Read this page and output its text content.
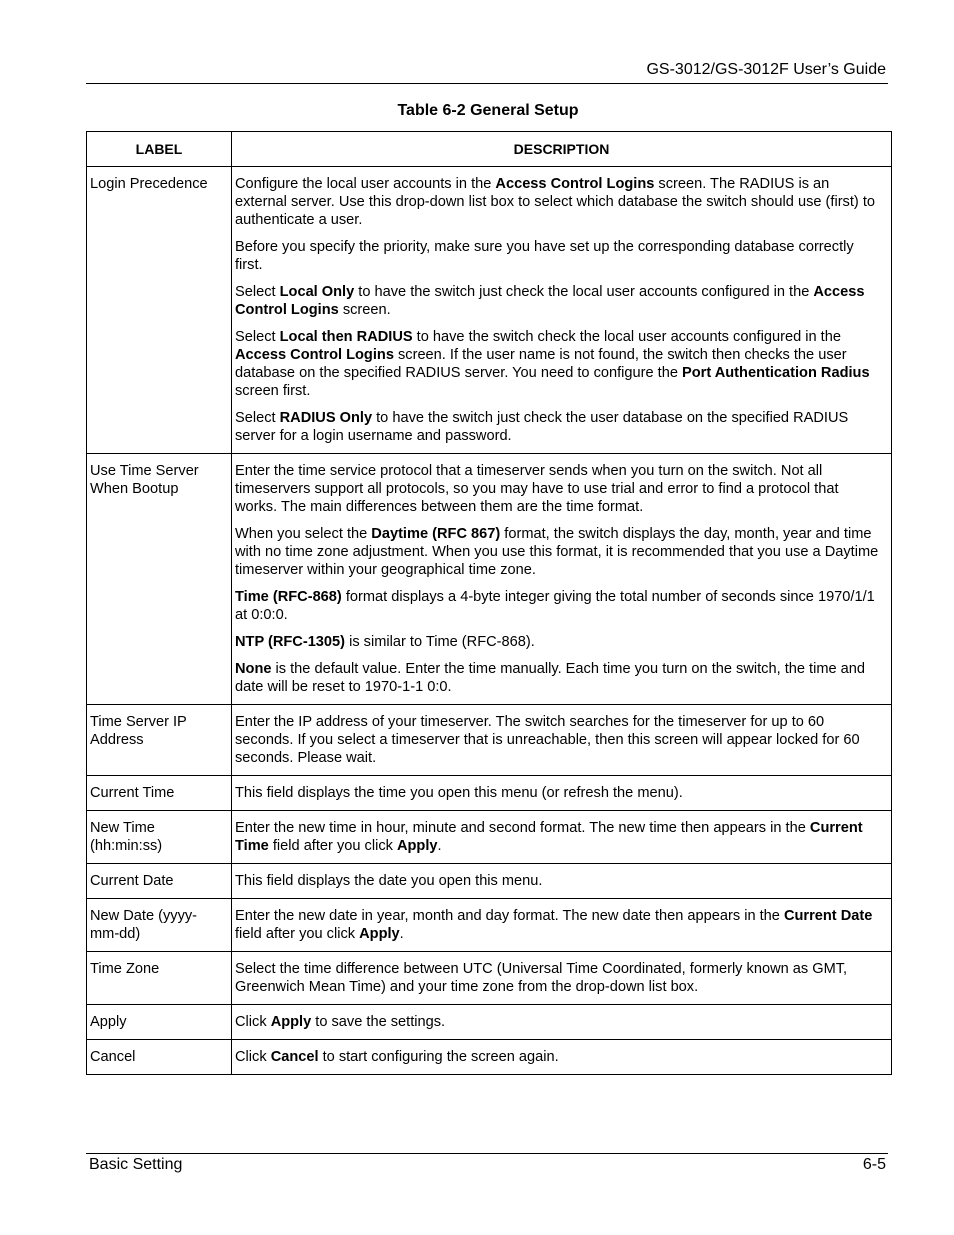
GS-3012/GS-3012F User’s Guide
Table 6-2 General Setup
LABEL	DESCRIPTION
Login Precedence	Configure the local user accounts in the Access Control Logins screen. The RADIUS is an external server. Use this drop-down list box to select which database the switch should use (first) to authenticate a user.

Before you specify the priority, make sure you have set up the corresponding database correctly first.

Select Local Only to have the switch just check the local user accounts configured in the Access Control Logins screen.

Select Local then RADIUS to have the switch check the local user accounts configured in the Access Control Logins screen. If the user name is not found, the switch then checks the user database on the specified RADIUS server. You need to configure the Port Authentication Radius screen first.

Select RADIUS Only to have the switch just check the user database on the specified RADIUS server for a login username and password.

Use Time Server When Bootup	Enter the time service protocol that a timeserver sends when you turn on the switch. Not all timeservers support all protocols, so you may have to use trial and error to find a protocol that works. The main differences between them are the time format.

When you select the Daytime (RFC 867) format, the switch displays the day, month, year and time with no time zone adjustment. When you use this format, it is recommended that you use a Daytime timeserver within your geographical time zone.

Time (RFC-868) format displays a 4-byte integer giving the total number of seconds since 1970/1/1 at 0:0:0.

NTP (RFC-1305) is similar to Time (RFC-868).

None is the default value. Enter the time manually. Each time you turn on the switch, the time and date will be reset to 1970-1-1 0:0.

Time Server IP Address	Enter the IP address of your timeserver. The switch searches for the timeserver for up to 60 seconds. If you select a timeserver that is unreachable, then this screen will appear locked for 60 seconds. Please wait.

Current Time	This field displays the time you open this menu (or refresh the menu).

New Time (hh:min:ss)	Enter the new time in hour, minute and second format. The new time then appears in the Current Time field after you click Apply.

Current Date	This field displays the date you open this menu.

New Date (yyyy-mm-dd)	Enter the new date in year, month and day format. The new date then appears in the Current Date field after you click Apply.

Time Zone	Select the time difference between UTC (Universal Time Coordinated, formerly known as GMT, Greenwich Mean Time) and your time zone from the drop-down list box.

Apply	Click Apply to save the settings.

Cancel	Click Cancel to start configuring the screen again.

Basic Setting	6-5
